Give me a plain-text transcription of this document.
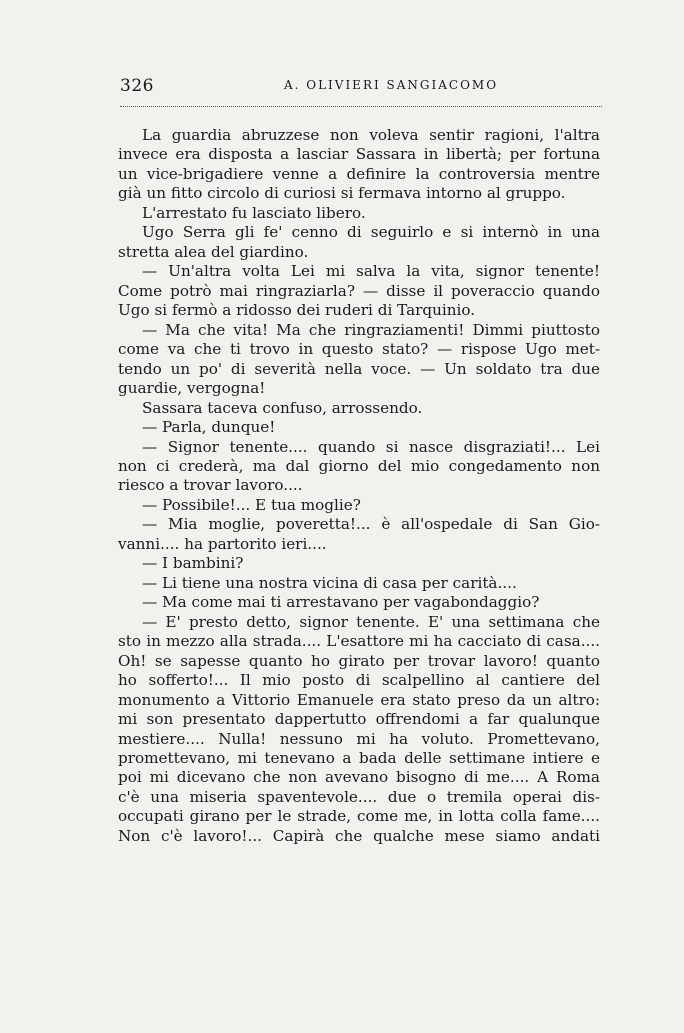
326	A. OLIVIERI SANGIACOMO
La guardia abruzzese non voleva sentir ragioni, l'altra
invece era disposta a lasciar Sassara in libertà; per fortuna
un vice-brigadiere venne a definire la controversia mentre
già un fitto circolo di curiosi si fermava intorno al gruppo.
L'arrestato fu lasciato libero.
Ugo Serra gli fe' cenno di seguirlo e si internò in una
stretta alea del giardino.
— Un'altra volta Lei mi salva la vita, signor tenente!
Come potrò mai ringraziarla? — disse il poveraccio quando
Ugo si fermò a ridosso dei ruderi di Tarquinio.
— Ma che vita! Ma che ringraziamenti! Dimmi piuttosto
come va che ti trovo in questo stato? — rispose Ugo met-
tendo un po' di severità nella voce. — Un soldato tra due
guardie, vergogna!
Sassara taceva confuso, arrossendo.
— Parla, dunque!
— Signor tenente.... quando si nasce disgraziati!... Lei
non ci crederà, ma dal giorno del mio congedamento non
riesco a trovar lavoro....
— Possibile!... E tua moglie?
— Mia moglie, poveretta!... è all'ospedale di San Gio-
vanni.... ha partorito ieri....
— I bambini?
— Li tiene una nostra vicina di casa per carità....
— Ma come mai ti arrestavano per vagabondaggio?
— E' presto detto, signor tenente. E' una settimana che
sto in mezzo alla strada.... L'esattore mi ha cacciato di casa....
Oh! se sapesse quanto ho girato per trovar lavoro! quanto
ho sofferto!... Il mio posto di scalpellino al cantiere del
monumento a Vittorio Emanuele era stato preso da un altro:
mi son presentato dappertutto offrendomi a far qualunque
mestiere.... Nulla! nessuno mi ha voluto. Promettevano,
promettevano, mi tenevano a bada delle settimane intiere e
poi mi dicevano che non avevano bisogno di me.... A Roma
c'è una miseria spaventevole.... due o tremila operai dis-
occupati girano per le strade, come me, in lotta colla fame....
Non c'è lavoro!... Capirà che qualche mese siamo andati
